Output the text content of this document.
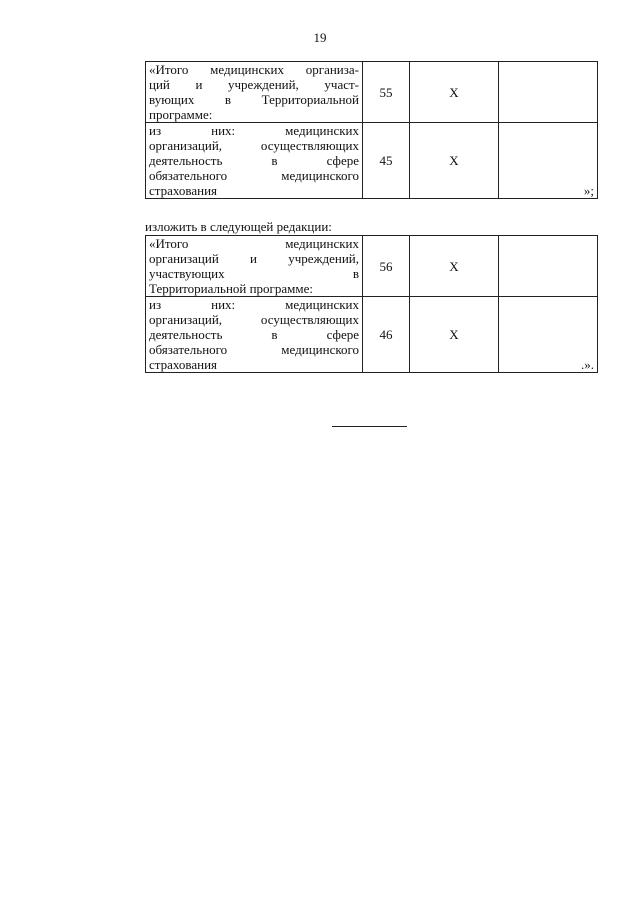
19
«Итого медицинских организа-
ций и учреждений, участ-
вующих в Территориальной
программе:	55	X	

из них: медицинских
организаций, осуществляющих
деятельность в сфере
обязательного медицинского
страхования	45	X	»;
изложить в следующей редакции:
«Итого медицинских
организаций и учреждений,
участвующих в
Территориальной программе:	56	X	

из них: медицинских
организаций, осуществляющих
деятельность в сфере
обязательного медицинского
страхования	46	X	.».
